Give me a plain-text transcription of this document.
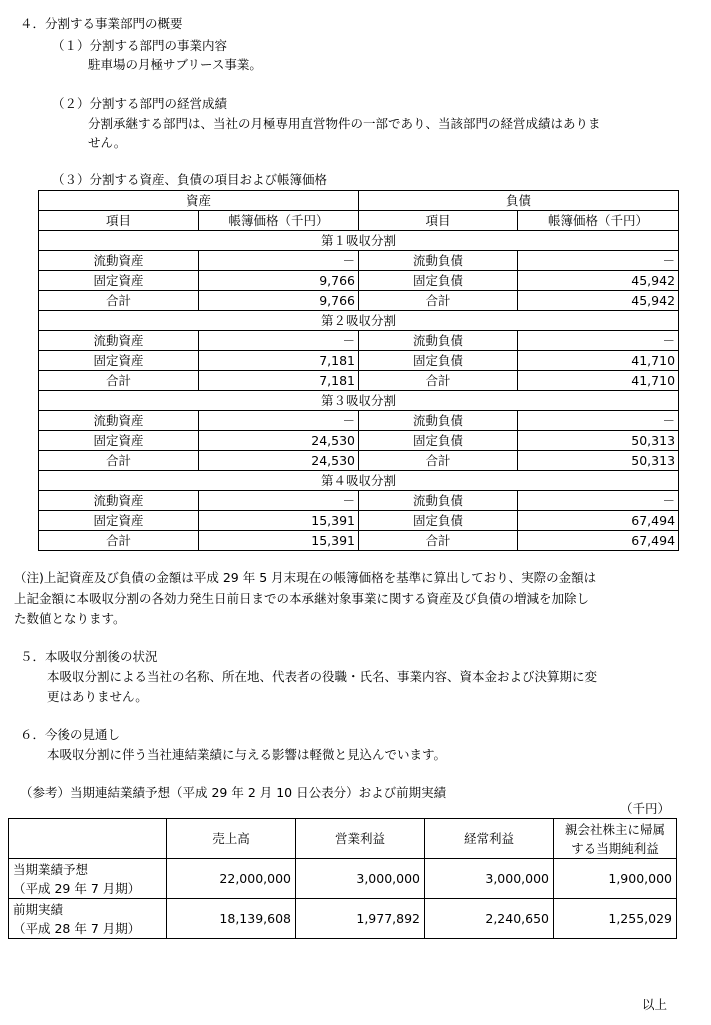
４．分割する事業部門の概要
（１）分割する部門の事業内容
駐車場の月極サブリース事業。
（２）分割する部門の経営成績
分割承継する部門は、当社の月極専用直営物件の一部であり、当該部門の経営成績はありま
せん。
（３）分割する資産、負債の項目および帳簿価格
資産		負債	
項目	帳簿価格（千円）	項目	帳簿価格（千円）
第１吸収分割			
流動資産	－	流動負債	－
固定資産	9,766	固定負債	45,942
合計	9,766	合計	45,942
第２吸収分割			
流動資産	－	流動負債	－
固定資産	7,181	固定負債	41,710
合計	7,181	合計	41,710
第３吸収分割			
流動資産	－	流動負債	－
固定資産	24,530	固定負債	50,313
合計	24,530	合計	50,313
第４吸収分割			
流動資産	－	流動負債	－
固定資産	15,391	固定負債	67,494
合計	15,391	合計	67,494
（注)上記資産及び負債の金額は平成 29 年 5 月末現在の帳簿価格を基準に算出しており、実際の金額は
上記金額に本吸収分割の各効力発生日前日までの本承継対象事業に関する資産及び負債の増減を加除し
た数値となります。
５．本吸収分割後の状況
本吸収分割による当社の名称、所在地、代表者の役職・氏名、事業内容、資本金および決算期に変
更はありません。
６．今後の見通し
本吸収分割に伴う当社連結業績に与える影響は軽微と見込んでいます。
（参考）当期連結業績予想（平成 29 年 2 月 10 日公表分）および前期実績
（千円）
	売上高	営業利益	経常利益	親会社株主に帰属
する当期純利益

当期業績予想
（平成 29 年 7 月期）	22,000,000	3,000,000	3,000,000	1,900,000

前期実績
（平成 28 年 7 月期）	18,139,608	1,977,892	2,240,650	1,255,029
以上
